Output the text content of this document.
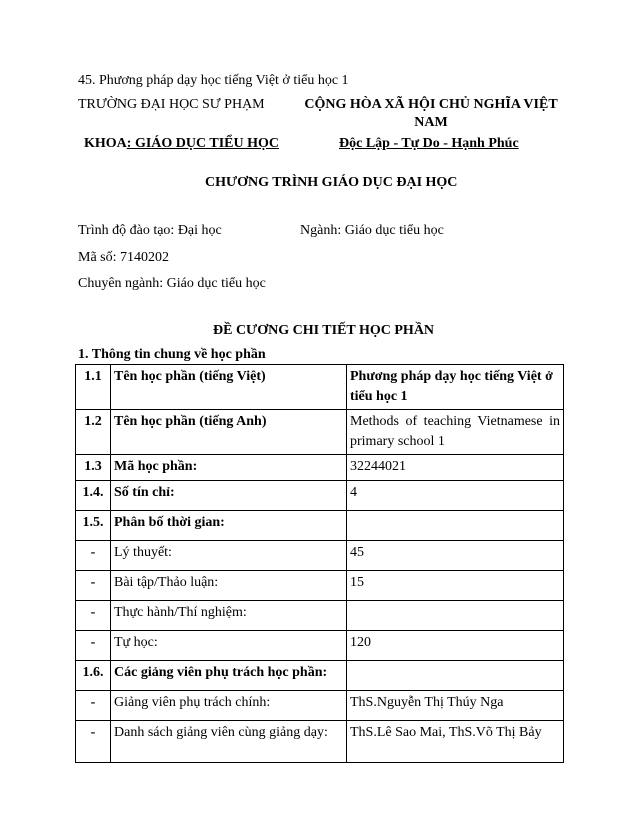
45. Phương pháp dạy học tiếng Việt ở tiểu học 1
TRƯỜNG ĐẠI HỌC SƯ PHẠM
KHOA: GIÁO DỤC TIỂU HỌC
CỘNG HÒA XÃ HỘI CHỦ NGHĨA VIỆT
NAM
Độc Lập - Tự Do - Hạnh Phúc
CHƯƠNG TRÌNH GIÁO DỤC ĐẠI HỌC
Trình độ đào tạo: Đại học	Ngành: Giáo dục tiểu học
Mã số: 7140202
Chuyên ngành: Giáo dục tiểu học
ĐỀ CƯƠNG CHI TIẾT HỌC PHẦN
1. Thông tin chung về học phần
1.1	Tên học phần (tiếng Việt)	Phương pháp dạy học tiếng Việt ở tiểu học 1
1.2	Tên học phần (tiếng Anh)	Methods of teaching Vietnamese in
primary school 1

1.3	Mã học phần:	32244021
1.4.	Số tín chỉ:	4
1.5.	Phân bố thời gian:	
-	Lý thuyết:	45
-	Bài tập/Thảo luận:	15
-	Thực hành/Thí nghiệm:	
-	Tự học:	120
1.6.	Các giảng viên phụ trách học phần:	
-	Giảng viên phụ trách chính:	ThS.Nguyễn Thị Thúy Nga
-	Danh sách giảng viên cùng giảng dạy:	ThS.Lê Sao Mai, ThS.Võ Thị Bảy
